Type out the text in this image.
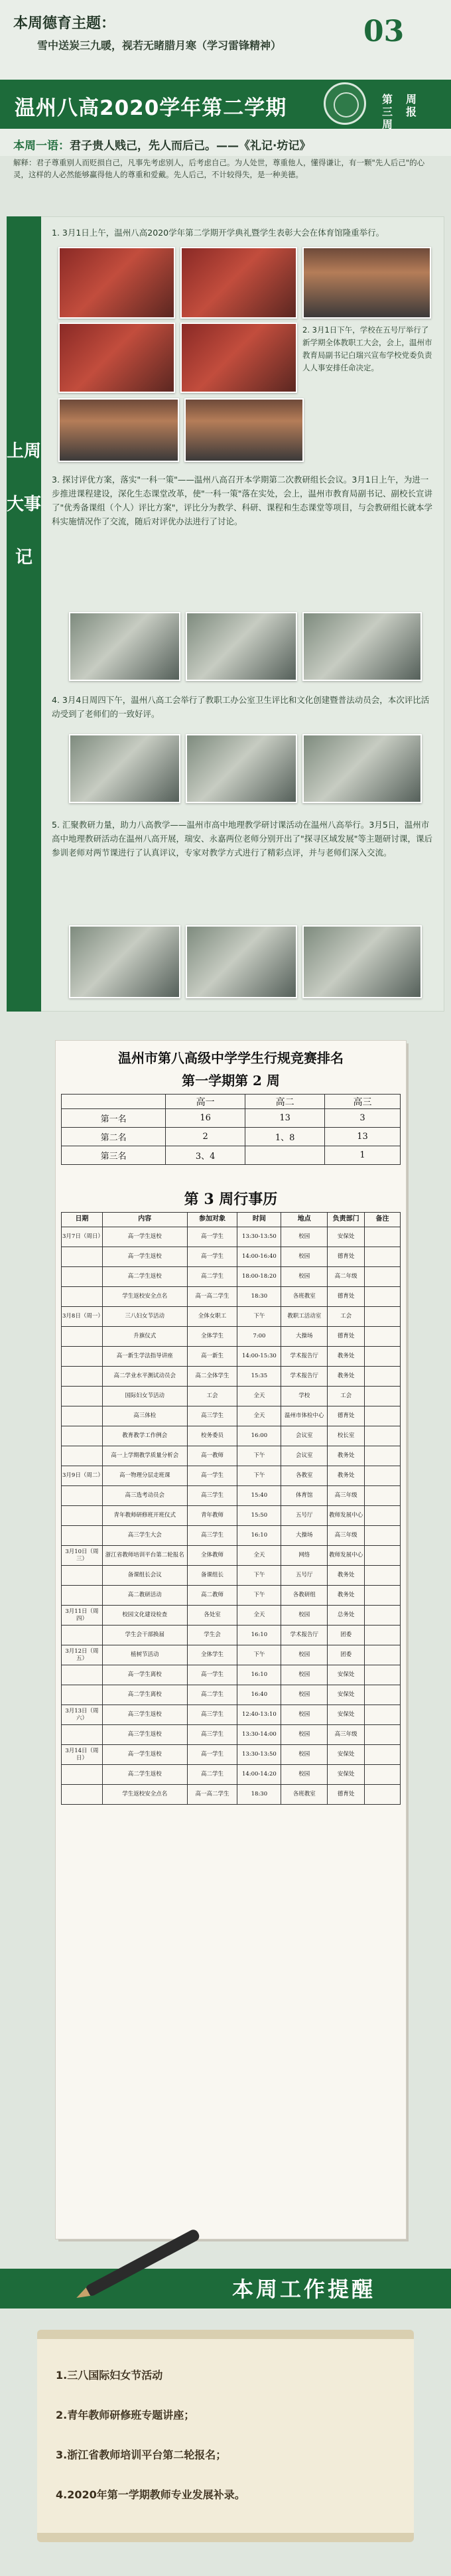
本周德育主题：
雪中送炭三九暖，视若无睹腊月寒（学习雷锋精神）	03
温州八高2020学年第二学期	第三周
周报
本周一语：君子贵人贱己，先人而后己。——《礼记·坊记》
解释：君子尊重别人而贬损自己，凡事先考虑别人，后考虑自己。为人处世，尊重他人，懂得谦让，有一颗"先人后己"的心灵，这样的人必然能够赢得他人的尊重和爱戴。先人后己，不计较得失，是一种美德。
上周大事记
1. 3月1日上午，温州八高2020学年第二学期开学典礼暨学生表彰大会在体育馆隆重举行。
2. 3月1日下午，学校在五号厅举行了新学期全体教职工大会，会上，温州市教育局副书记白瑞兴宣布学校党委负责人人事安排任命决定。
3. 探讨评优方案，落实"一科一策"——温州八高召开本学期第二次教研组长会议。3月1日上午，为进一步推进课程建设，深化生态课堂改革，使"一科一策"落在实处，会上，温州市教育局副书记、副校长宣讲了"优秀备课组（个人）评比方案"，评比分为教学、科研、课程和生态课堂等项目，与会教研组长就本学科实施情况作了交流，随后对评优办法进行了讨论。
4. 3月4日周四下午，温州八高工会举行了教职工办公室卫生评比和文化创建暨普法动员会，本次评比活动受到了老师们的一致好评。
5. 汇聚教研力量，助力八高教学——温州市高中地理教学研讨课活动在温州八高举行。3月5日，温州市高中地理教研活动在温州八高开展，瑞安、永嘉两位老师分别开出了"探寻区域发展"等主题研讨课，课后参训老师对两节课进行了认真评议，专家对教学方式进行了精彩点评，并与老师们深入交流。
温州市第八高级中学学生行规竞赛排名
第一学期第 2 周
	高一	高二	高三
第一名	16	13	3
第二名	2	1、8	13
第三名	3、4		1
第 3 周行事历
日期	内容	参加对象	时间	地点	负责部门	备注
3月7日（周日）	高一学生返校	高一学生	13:30-13:50	校园	安保处	
	高一学生返校	高一学生	14:00-16:40	校园	德育处	
	高二学生返校	高二学生	18:00-18:20	校园	高二年级	
	学生返校安全点名	高一高二学生	18:30	各班教室	德育处	
3月8日（周一）	三八妇女节活动	全体女职工	下午	教职工活动室	工会	
	升旗仪式	全体学生	7:00	大操场	德育处	
	高一新生学法指导讲座	高一新生	14:00-15:30	学术报告厅	教务处	
	高二学业水平测试动员会	高二全体学生	15:35	学术报告厅	教务处	
	国际妇女节活动	工会	全天	学校	工会	
	高三体检	高三学生	全天	温州市体检中心	德育处	
	教育教学工作例会	校务委员	16:00	会议室	校长室	
	高一上学期教学质量分析会	高一教师	下午	会议室	教务处	
3月9日（周二）	高一物理分层走班课	高一学生	下午	各教室	教务处	
	高三选考动员会	高三学生	15:40	体育馆	高三年级	
	青年教师研修班开班仪式	青年教师	15:50	五号厅	教师发展中心	
	高三学生大会	高三学生	16:10	大操场	高三年级	
3月10日（周三）	浙江省教师培训平台第二轮报名	全体教师	全天	网络	教师发展中心	
	备课组长会议	备课组长	下午	五号厅	教务处	
	高二教研活动	高二教师	下午	各教研组	教务处	
3月11日（周四）	校园文化建设检查	各处室	全天	校园	总务处	
	学生会干部换届	学生会	16:10	学术报告厅	团委	
3月12日（周五）	植树节活动	全体学生	下午	校园	团委	
	高一学生离校	高一学生	16:10	校园	安保处	
	高二学生离校	高二学生	16:40	校园	安保处	
3月13日（周六）	高三学生返校	高三学生	12:40-13:10	校园	安保处	
	高三学生返校	高三学生	13:30-14:00	校园	高三年级	
3月14日（周日）	高一学生返校	高一学生	13:30-13:50	校园	安保处	
	高二学生返校	高二学生	14:00-14:20	校园	安保处	
	学生返校安全点名	高一高二学生	18:30	各班教室	德育处	
本周工作提醒
1.三八国际妇女节活动
2.青年教师研修班专题讲座；
3.浙江省教师培训平台第二轮报名；
4.2020年第一学期教师专业发展补录。
